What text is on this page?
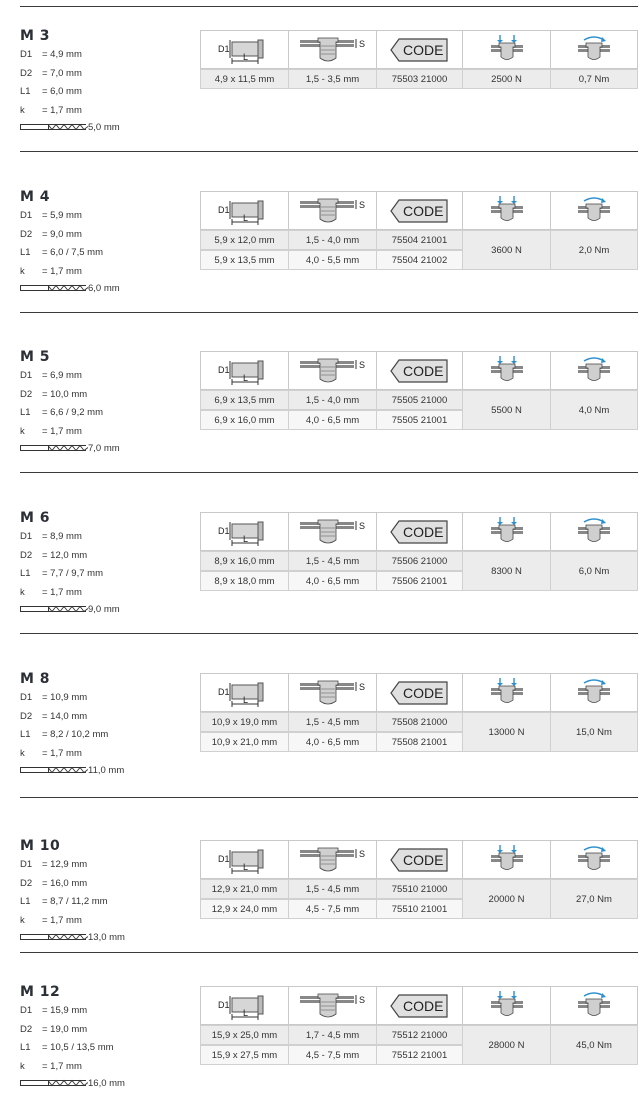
M 3
D1 = 4,9 mm
D2 = 7,0 mm
L1 = 6,0 mm
k = 1,7 mm
5,0 mm
D1
L
S	CODE
4,9 x 11,5 mm	1,5 - 3,5 mm	75503 21000	2500 N	0,7 Nm
M 4
D1 = 5,9 mm
D2 = 9,0 mm
L1 = 6,0 / 7,5 mm
k = 1,7 mm
6,0 mm
D1
L
S	CODE
5,9 x 12,0 mm	1,5 - 4,0 mm	75504 21001
5,9 x 13,5 mm	4,0 - 5,5 mm	75504 21002
3600 N	2,0 Nm
M 5
D1 = 6,9 mm
D2 = 10,0 mm
L1 = 6,6 / 9,2 mm
k = 1,7 mm
7,0 mm
D1
L
S	CODE
6,9 x 13,5 mm	1,5 - 4,0 mm	75505 21000
6,9 x 16,0 mm	4,0 - 6,5 mm	75505 21001
5500 N	4,0 Nm
M 6
D1 = 8,9 mm
D2 = 12,0 mm
L1 = 7,7 / 9,7 mm
k = 1,7 mm
9,0 mm
D1
L
S	CODE
8,9 x 16,0 mm	1,5 - 4,5 mm	75506 21000
8,9 x 18,0 mm	4,0 - 6,5 mm	75506 21001
8300 N	6,0 Nm
M 8
D1 = 10,9 mm
D2 = 14,0 mm
L1 = 8,2 / 10,2 mm
k = 1,7 mm
11,0 mm
D1
L
S	CODE
10,9 x 19,0 mm	1,5 - 4,5 mm	75508 21000
10,9 x 21,0 mm	4,0 - 6,5 mm	75508 21001
13000 N	15,0 Nm
M 10
D1 = 12,9 mm
D2 = 16,0 mm
L1 = 8,7 / 11,2 mm
k = 1,7 mm
13,0 mm
D1
L
S	CODE
12,9 x 21,0 mm	1,5 - 4,5 mm	75510 21000
12,9 x 24,0 mm	4,5 - 7,5 mm	75510 21001
20000 N	27,0 Nm
M 12
D1 = 15,9 mm
D2 = 19,0 mm
L1 = 10,5 / 13,5 mm
k = 1,7 mm
16,0 mm
D1
L
S	CODE
15,9 x 25,0 mm	1,7 - 4,5 mm	75512 21000
15,9 x 27,5 mm	4,5 - 7,5 mm	75512 21001
28000 N	45,0 Nm
